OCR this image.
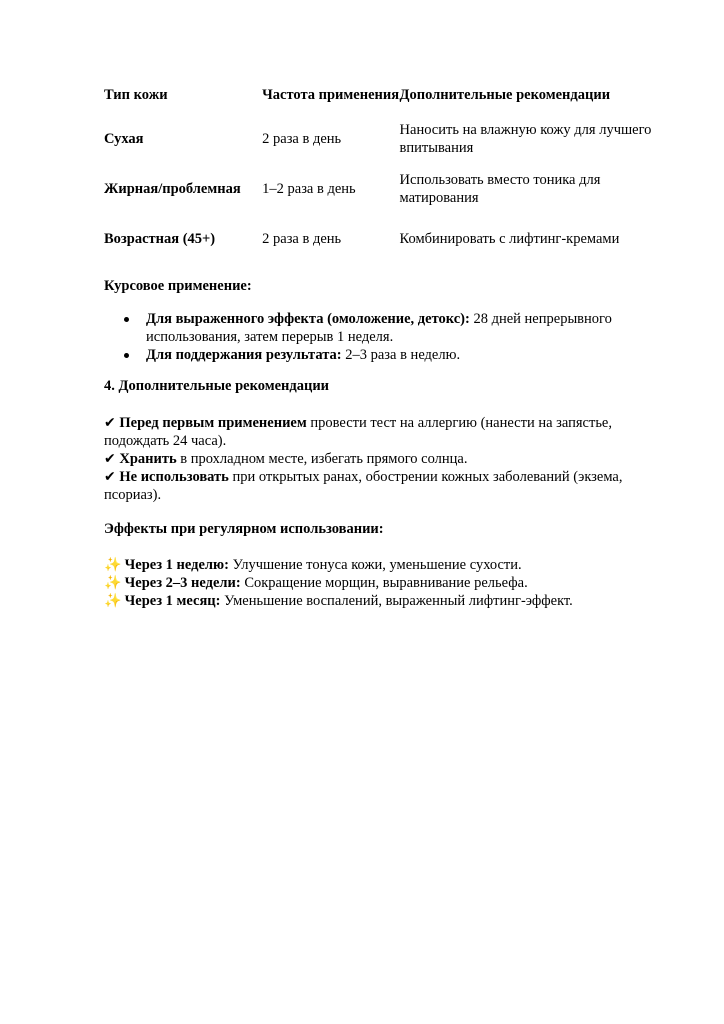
Тип кожи	Частота применения	Дополнительные рекомендации
Сухая	2 раза в день	Наносить на влажную кожу для лучшего впитывания
Жирная/проблемная	1–2 раза в день	Использовать вместо тоника для матирования
Возрастная (45+)	2 раза в день	Комбинировать с лифтинг-кремами
Курсовое применение:
Для выраженного эффекта (омоложение, детокс): 28 дней непрерывного использования, затем перерыв 1 неделя.
Для поддержания результата: 2–3 раза в неделю.
4. Дополнительные рекомендации
✔ Перед первым применением провести тест на аллергию (нанести на запястье, подождать 24 часа).
✔ Хранить в прохладном месте, избегать прямого солнца.
✔ Не использовать при открытых ранах, обострении кожных заболеваний (экзема, псориаз).
Эффекты при регулярном использовании:
✨ Через 1 неделю: Улучшение тонуса кожи, уменьшение сухости.
✨ Через 2–3 недели: Сокращение морщин, выравнивание рельефа.
✨ Через 1 месяц: Уменьшение воспалений, выраженный лифтинг-эффект.
